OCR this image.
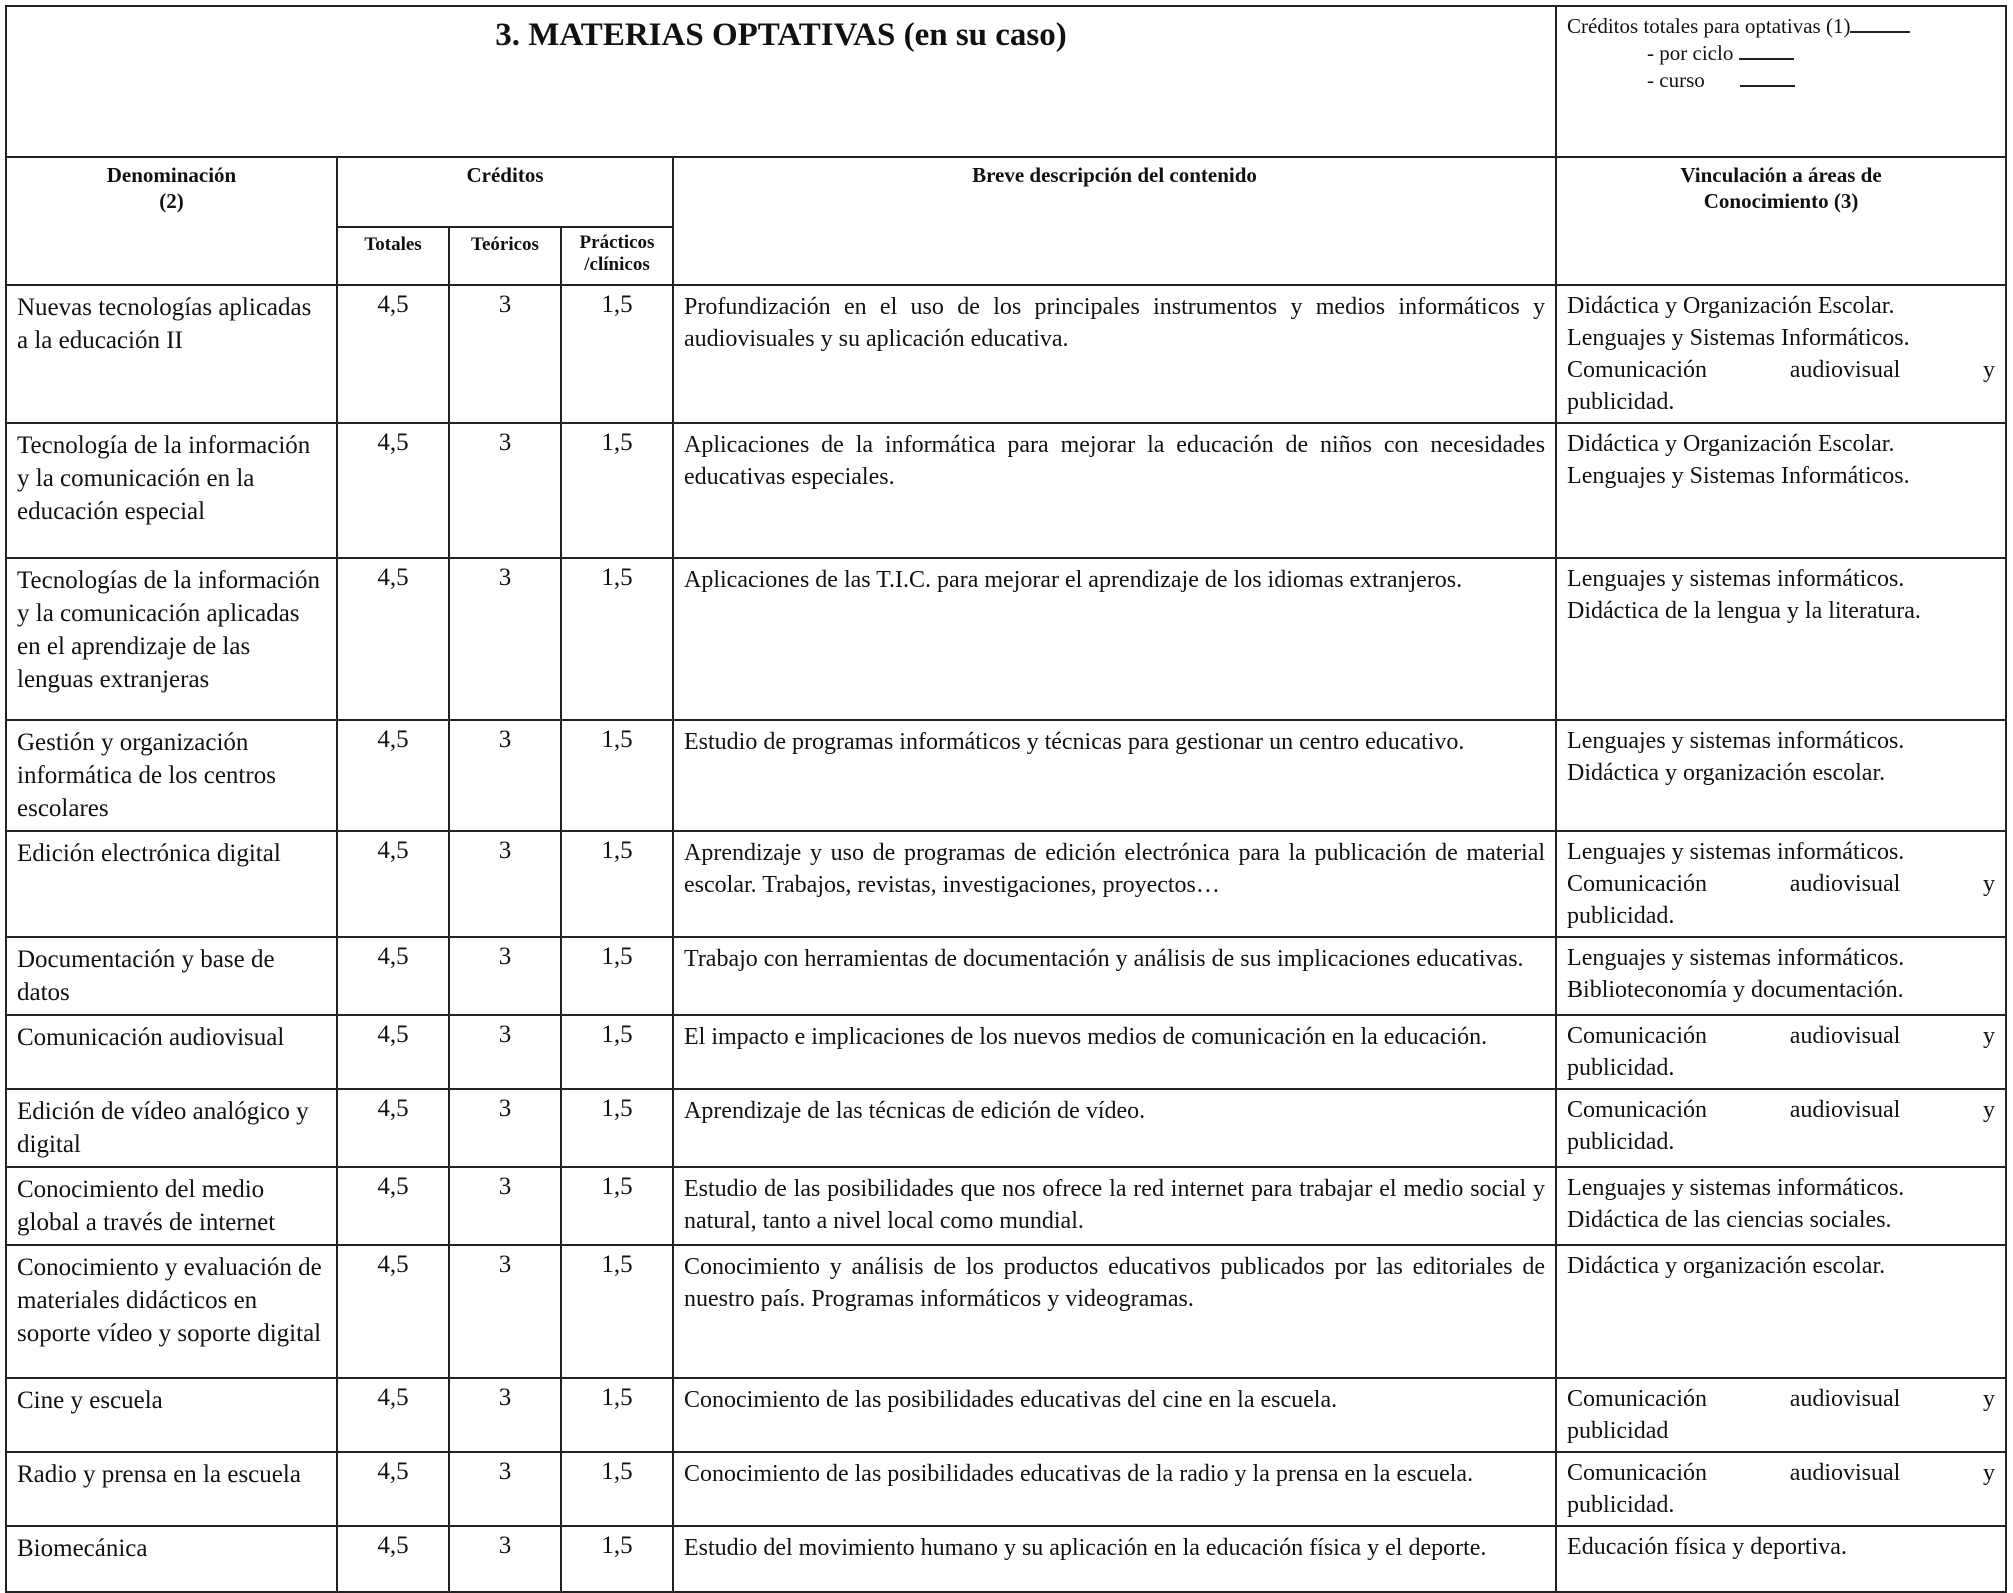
3. MATERIAS OPTATIVAS (en su caso)					Créditos totales para optativas (1)
- por ciclo
- curso

Denominación
(2)	Créditos			Breve descripción del contenido	Vinculación a áreas de
Conocimiento (3)
	Totales	Teóricos	Prácticos
/clínicos		
Nuevas tecnologías aplicadas a la educación II	4,5	3	1,5	Profundización en el uso de los principales instrumentos y medios informáticos y audiovisuales y su aplicación educativa.	Didáctica y Organización Escolar.
Lenguajes y Sistemas Informáticos.
Comunicación audiovisual y
publicidad.

Tecnología de la información y la comunicación en la educación especial	4,5	3	1,5	Aplicaciones de la informática para mejorar la educación de niños con necesidades educativas especiales.	Didáctica y Organización Escolar.
Lenguajes y Sistemas Informáticos.

Tecnologías de la información y la comunicación aplicadas en el aprendizaje de las lenguas extranjeras	4,5	3	1,5	Aplicaciones de las T.I.C. para mejorar el aprendizaje de los idiomas extranjeros.	Lenguajes y sistemas informáticos.
Didáctica de la lengua y la literatura.

Gestión y organización informática de los centros escolares	4,5	3	1,5	Estudio de programas informáticos y técnicas para gestionar un centro educativo.	Lenguajes y sistemas informáticos.
Didáctica y organización escolar.

Edición electrónica digital	4,5	3	1,5	Aprendizaje y uso de programas de edición electrónica para la publicación de material escolar. Trabajos, revistas, investigaciones, proyectos…	Lenguajes y sistemas informáticos.
Comunicación audiovisual y
publicidad.

Documentación y base de datos	4,5	3	1,5	Trabajo con herramientas de documentación y análisis de sus implicaciones educativas.	Lenguajes y sistemas informáticos.
Biblioteconomía y documentación.

Comunicación audiovisual	4,5	3	1,5	El impacto e implicaciones de los nuevos medios de comunicación en la educación.	Comunicación audiovisual y
publicidad.

Edición de vídeo analógico y digital	4,5	3	1,5	Aprendizaje de las técnicas de edición de vídeo.	Comunicación audiovisual y
publicidad.

Conocimiento del medio global a través de internet	4,5	3	1,5	Estudio de las posibilidades que nos ofrece la red internet para trabajar el medio social y natural, tanto a nivel local como mundial.	Lenguajes y sistemas informáticos.
Didáctica de las ciencias sociales.

Conocimiento y evaluación de materiales didácticos en soporte vídeo y soporte digital	4,5	3	1,5	Conocimiento y análisis de los productos educativos publicados por las editoriales de nuestro país. Programas informáticos y videogramas.	Didáctica y organización escolar.

Cine y escuela	4,5	3	1,5	Conocimiento de las posibilidades educativas del cine en la escuela.	Comunicación audiovisual y
publicidad

Radio y prensa en la escuela	4,5	3	1,5	Conocimiento de las posibilidades educativas de la radio y la prensa en la escuela.	Comunicación audiovisual y
publicidad.

Biomecánica	4,5	3	1,5	Estudio del movimiento humano y su aplicación en la educación física y el deporte.	Educación física y deportiva.
